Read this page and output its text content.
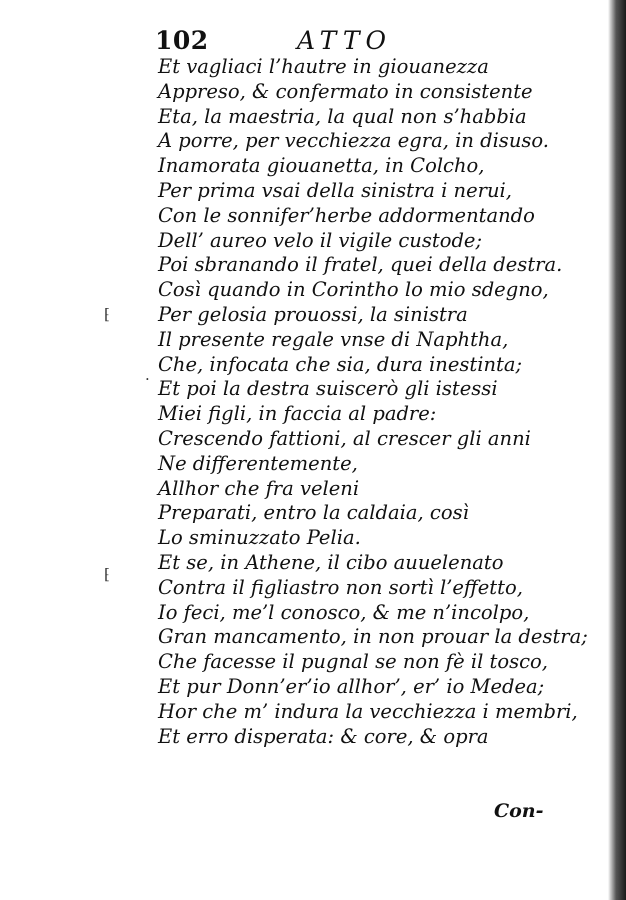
102	ATTO
Et vagliaci l’hautre in giouanezza
Appreso, & confermato in consistente
Eta, la maestria, la qual non s’habbia
A porre, per vecchiezza egra, in disuso.
Inamorata giouanetta, in Colcho,
Per prima vsai della sinistra i nerui,
Con le sonnifer’herbe addormentando
Dell’ aureo velo il vigile custode;
Poi sbranando il fratel, quei della destra.
Così quando in Corintho lo mio sdegno,
Per gelosia prouossi, la sinistra
Il presente regale vnse di Naphtha,
Che, infocata che sia, dura inestinta;
Et poi la destra suiscerò gli istessi
Miei figli, in faccia al padre:
Crescendo fattioni, al crescer gli anni
Ne differentemente,
Allhor che fra veleni
Preparati, entro la caldaia, così
Lo sminuzzato Pelia.
Et se, in Athene, il cibo auuelenato
Contra il figliastro non sortì l’effetto,
Io feci, me’l conosco, & me n’incolpo,
Gran mancamento, in non prouar la destra;
Che facesse il pugnal se non fè il tosco,
Et pur Donn’er’io allhor’, er’ io Medea;
Hor che m’ indura la vecchiezza i membri,
Et erro disperata: & core, & opra
Con-
⁅
·
⁅
